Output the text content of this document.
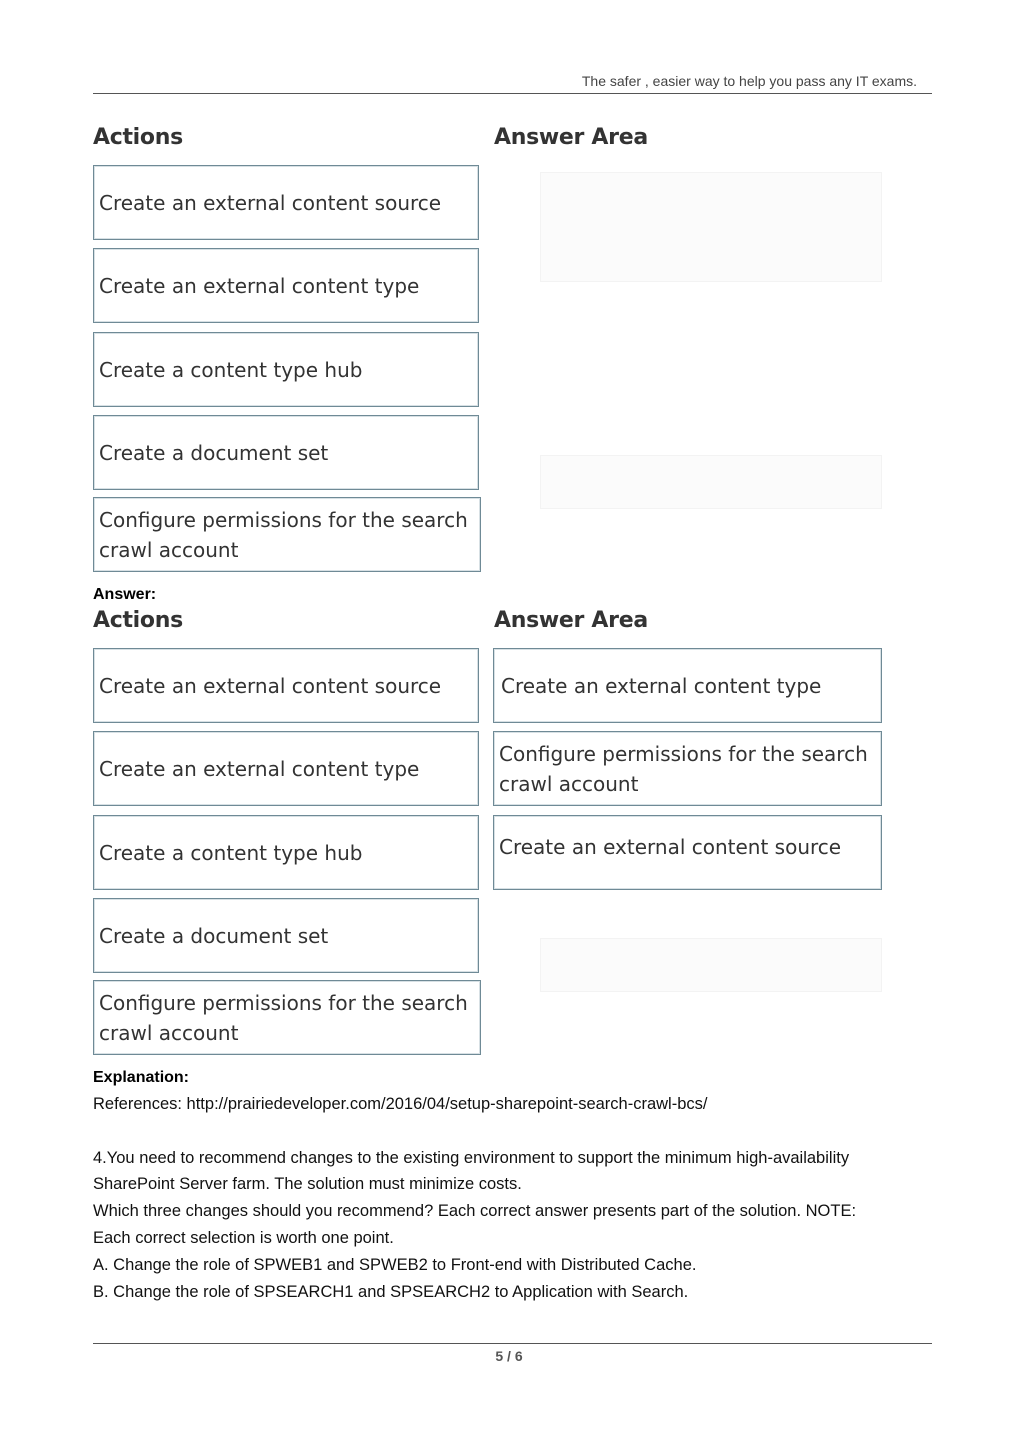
The safer , easier way to help you pass any IT exams.
Actions	Answer Area
Create an external content source
Create an external content type
Create a content type hub
Create a document set
Configure permissions for the search crawl account
Answer:
Actions	Answer Area
Create an external content source
Create an external content type
Create a content type hub
Create a document set
Configure permissions for the search crawl account
Create an external content type
Configure permissions for the search crawl account
Create an external content source
Explanation:
References: http://prairiedeveloper.com/2016/04/setup-sharepoint-search-crawl-bcs/
4.You need to recommend changes to the existing environment to support the minimum high-availability
SharePoint Server farm. The solution must minimize costs.
Which three changes should you recommend? Each correct answer presents part of the solution. NOTE:
Each correct selection is worth one point.
A. Change the role of SPWEB1 and SPWEB2 to Front-end with Distributed Cache.
B. Change the role of SPSEARCH1 and SPSEARCH2 to Application with Search.
5 / 6
